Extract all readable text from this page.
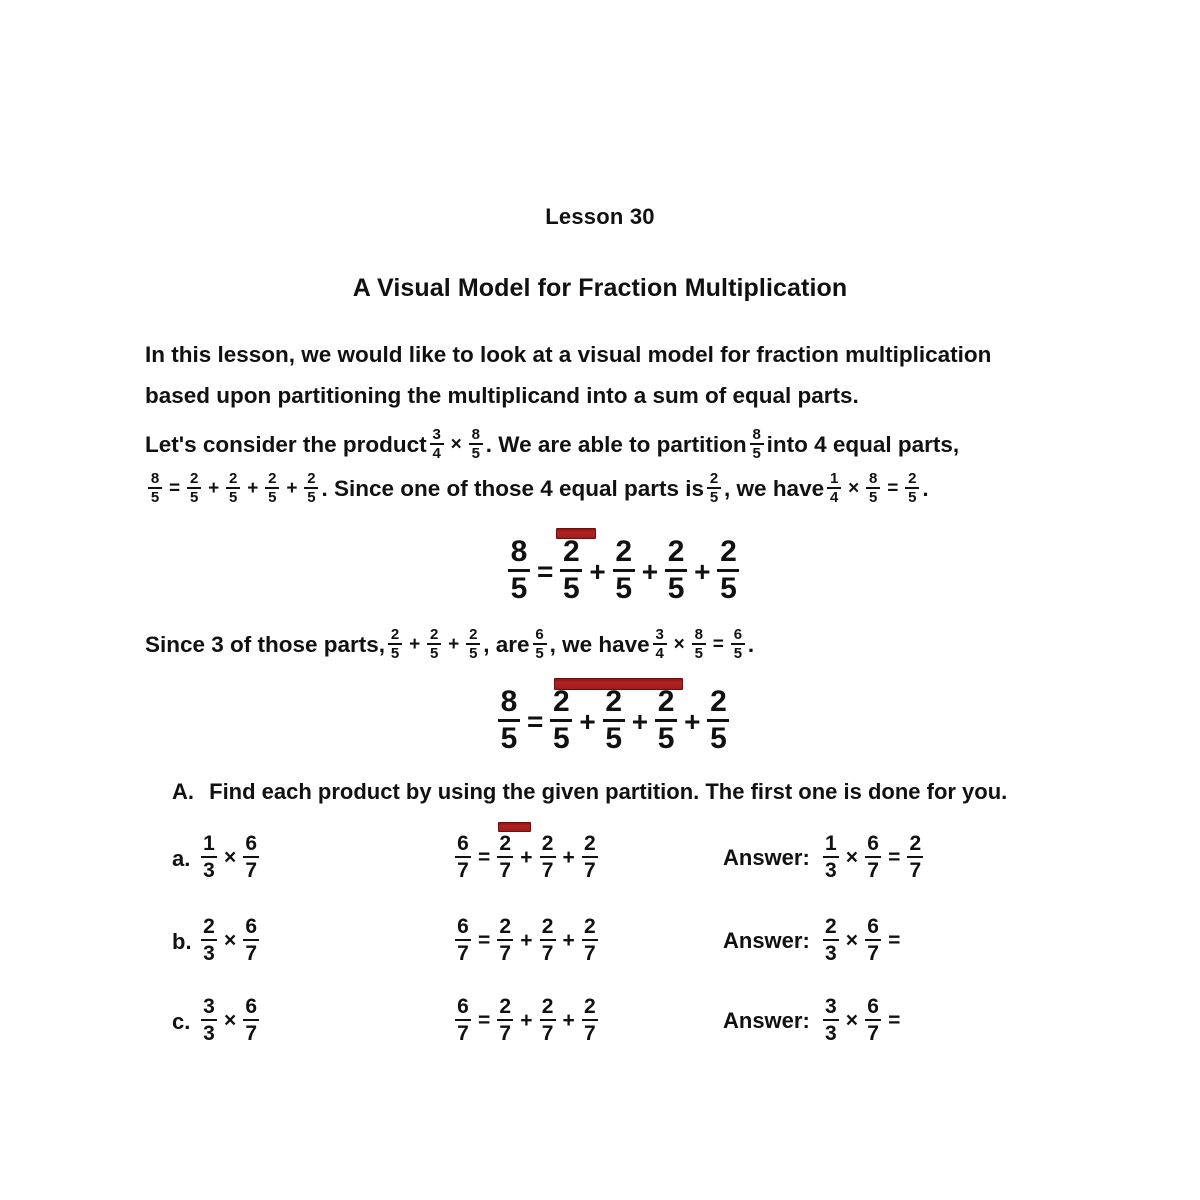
Lesson 30
A Visual Model for Fraction Multiplication
In this lesson, we would like to look at a visual model for fraction multiplication based upon partitioning the multiplicand into a sum of equal parts.
Let's consider the product $\frac{3}{4} \times \frac{8}{5}$ . We are able to partition $\frac{8}{5}$ into 4 equal parts,
$\frac{8}{5} = \frac{2}{5} + \frac{2}{5} + \frac{2}{5} + \frac{2}{5}$ . Since one of those 4 equal parts is $\frac{2}{5}$ , we have $\frac{1}{4} \times \frac{8}{5} = \frac{2}{5}$ .
$\frac{8}{5} = \frac{2}{5} + \frac{2}{5} + \frac{2}{5} + \frac{2}{5}$
Since 3 of those parts, $\frac{2}{5} + \frac{2}{5} + \frac{2}{5}$ , are $\frac{6}{5}$ , we have $\frac{3}{4} \times \frac{8}{5} = \frac{6}{5}$ .
$\frac{8}{5} = \frac{2}{5} + \frac{2}{5} + \frac{2}{5} + \frac{2}{5}$
A. Find each product by using the given partition. The first one is done for you.
a. $\frac{1}{3} \times \frac{6}{7}$	$\frac{6}{7} = \frac{2}{7} + \frac{2}{7} + \frac{2}{7}$	Answer: $\frac{1}{3} \times \frac{6}{7} = \frac{2}{7}$
b. $\frac{2}{3} \times \frac{6}{7}$	$\frac{6}{7} = \frac{2}{7} + \frac{2}{7} + \frac{2}{7}$	Answer: $\frac{2}{3} \times \frac{6}{7}$ =
c. $\frac{3}{3} \times \frac{6}{7}$	$\frac{6}{7} = \frac{2}{7} + \frac{2}{7} + \frac{2}{7}$	Answer: $\frac{3}{3} \times \frac{6}{7}$ =
